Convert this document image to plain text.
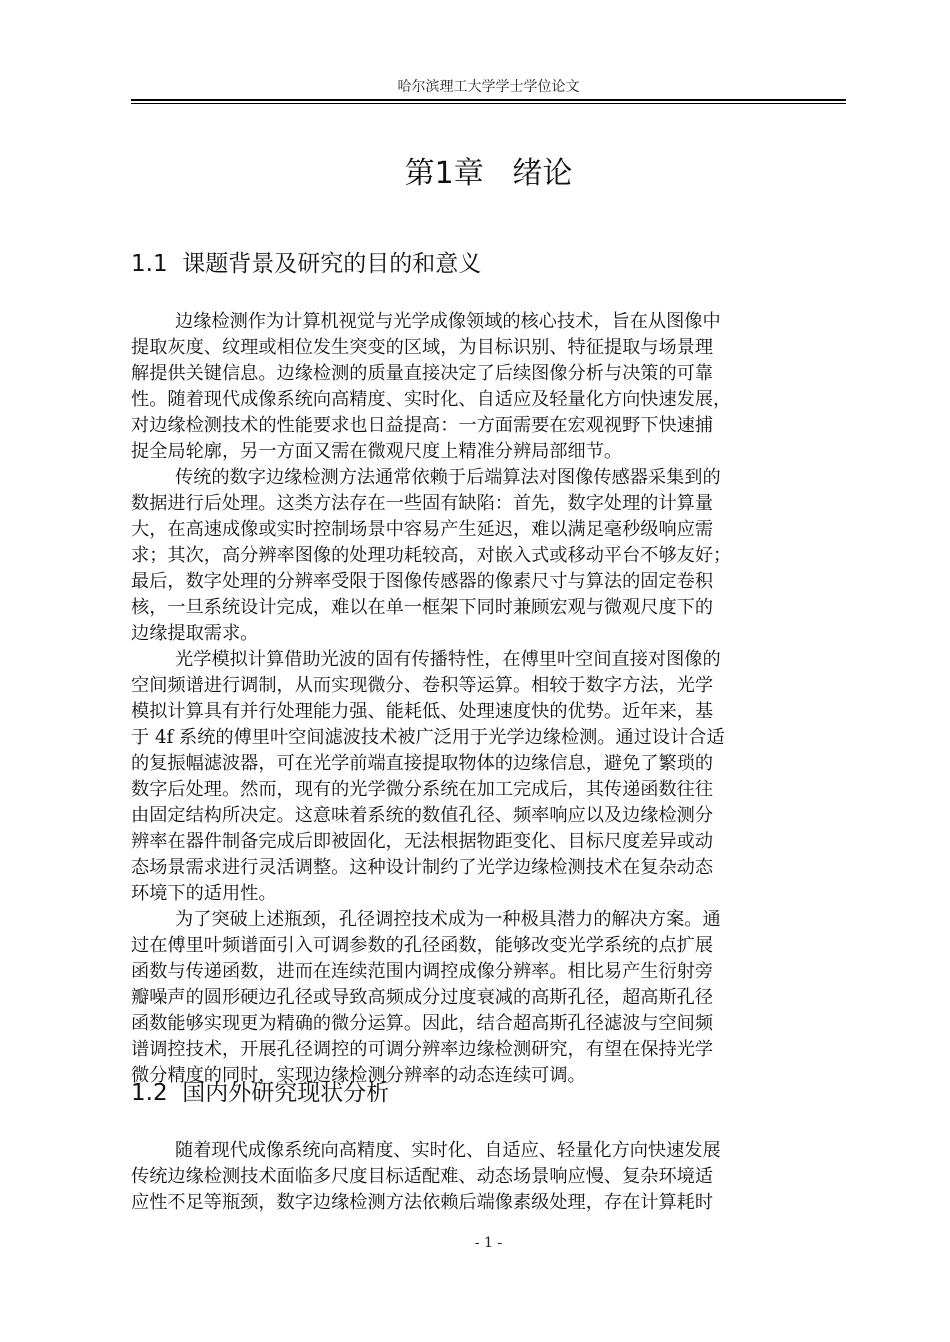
哈尔滨理工大学学士学位论文
第1章   绪论
1.1  课题背景及研究的目的和意义
边缘检测作为计算机视觉与光学成像领域的核心技术，旨在从图像中
提取灰度、纹理或相位发生突变的区域，为目标识别、特征提取与场景理
解提供关键信息。边缘检测的质量直接决定了后续图像分析与决策的可靠
性。随着现代成像系统向高精度、实时化、自适应及轻量化方向快速发展，
对边缘检测技术的性能要求也日益提高：一方面需要在宏观视野下快速捕
捉全局轮廓，另一方面又需在微观尺度上精准分辨局部细节。
传统的数字边缘检测方法通常依赖于后端算法对图像传感器采集到的
数据进行后处理。这类方法存在一些固有缺陷：首先，数字处理的计算量
大，在高速成像或实时控制场景中容易产生延迟，难以满足毫秒级响应需
求；其次，高分辨率图像的处理功耗较高，对嵌入式或移动平台不够友好；
最后，数字处理的分辨率受限于图像传感器的像素尺寸与算法的固定卷积
核，一旦系统设计完成，难以在单一框架下同时兼顾宏观与微观尺度下的
边缘提取需求。
光学模拟计算借助光波的固有传播特性，在傅里叶空间直接对图像的
空间频谱进行调制，从而实现微分、卷积等运算。相较于数字方法，光学
模拟计算具有并行处理能力强、能耗低、处理速度快的优势。近年来，基
于 4f 系统的傅里叶空间滤波技术被广泛用于光学边缘检测。通过设计合适
的复振幅滤波器，可在光学前端直接提取物体的边缘信息，避免了繁琐的
数字后处理。然而，现有的光学微分系统在加工完成后，其传递函数往往
由固定结构所决定。这意味着系统的数值孔径、频率响应以及边缘检测分
辨率在器件制备完成后即被固化，无法根据物距变化、目标尺度差异或动
态场景需求进行灵活调整。这种设计制约了光学边缘检测技术在复杂动态
环境下的适用性。
为了突破上述瓶颈，孔径调控技术成为一种极具潜力的解决方案。通
过在傅里叶频谱面引入可调参数的孔径函数，能够改变光学系统的点扩展
函数与传递函数，进而在连续范围内调控成像分辨率。相比易产生衍射旁
瓣噪声的圆形硬边孔径或导致高频成分过度衰减的高斯孔径，超高斯孔径
函数能够实现更为精确的微分运算。因此，结合超高斯孔径滤波与空间频
谱调控技术，开展孔径调控的可调分辨率边缘检测研究，有望在保持光学
微分精度的同时，实现边缘检测分辨率的动态连续可调。
1.2  国内外研究现状分析
随着现代成像系统向高精度、实时化、自适应、轻量化方向快速发展
传统边缘检测技术面临多尺度目标适配难、动态场景响应慢、复杂环境适
应性不足等瓶颈，数字边缘检测方法依赖后端像素级处理，存在计算耗时
- 1 -
